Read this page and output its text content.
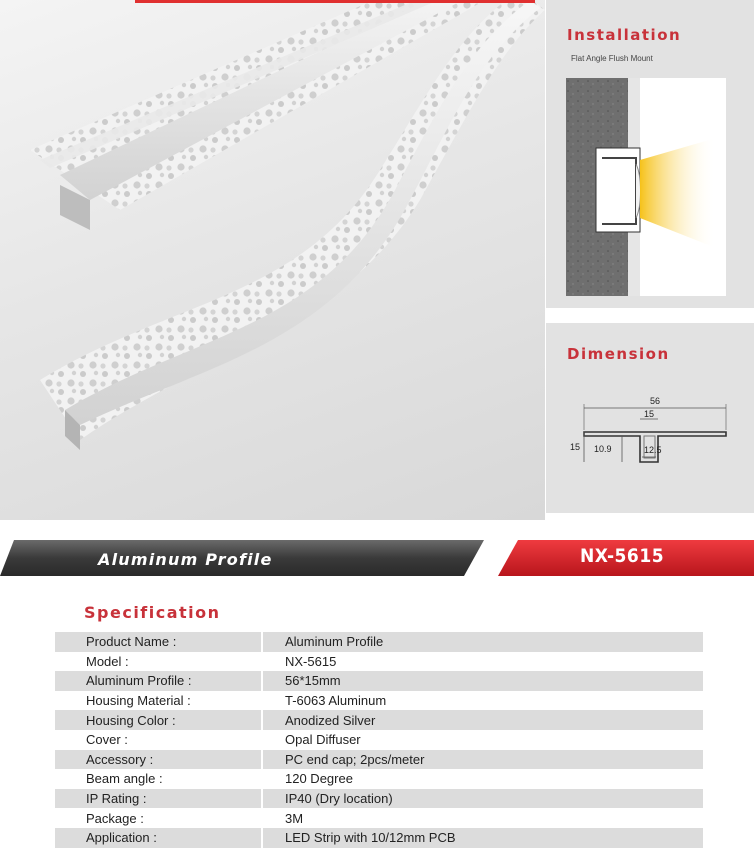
Installation
Flat Angle Flush Mount
Dimension
56
15
15 10.9	12.5
Aluminum Profile	NX-5615
Specification
Product Name :		Aluminum Profile
Model :		NX-5615
Aluminum Profile :		56*15mm
Housing Material :		T-6063 Aluminum
Housing Color :		Anodized Silver
Cover :		Opal Diffuser
Accessory :		PC end cap; 2pcs/meter
Beam angle :		120 Degree
IP Rating :		IP40 (Dry location)
Package :		3M
Application :		LED Strip with 10/12mm PCB
